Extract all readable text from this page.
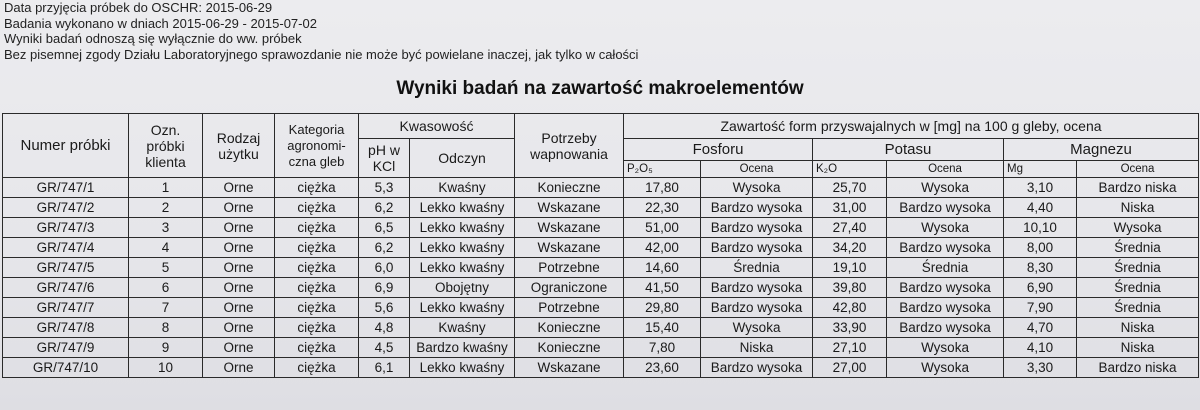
Data przyjęcia próbek do OSCHR: 2015-06-29
Badania wykonano w dniach 2015-06-29 - 2015-07-02
Wyniki badań odnoszą się wyłącznie do ww. próbek
Bez pisemnej zgody Działu Laboratoryjnego sprawozdanie nie może być powielane inaczej, jak tylko w całości
Wyniki badań na zawartość makroelementów
Numer próbki	Ozn. próbki klienta	Rodzaj użytku	Kategoria agronomi-czna gleb	Kwasowość		Potrzeby wapnowania	Zawartość form przyswajalnych w [mg] na 100 g gleby, ocena					
				pH w KCl	Odczyn		Fosforu		Potasu		Magnezu	
							P₂O₅	Ocena	K₂O	Ocena	Mg	Ocena
GR/747/1	1	Orne	ciężka	5,3	Kwaśny	Konieczne	17,80	Wysoka	25,70	Wysoka	3,10	Bardzo niska
GR/747/2	2	Orne	ciężka	6,2	Lekko kwaśny	Wskazane	22,30	Bardzo wysoka	31,00	Bardzo wysoka	4,40	Niska
GR/747/3	3	Orne	ciężka	6,5	Lekko kwaśny	Wskazane	51,00	Bardzo wysoka	27,40	Wysoka	10,10	Wysoka
GR/747/4	4	Orne	ciężka	6,2	Lekko kwaśny	Wskazane	42,00	Bardzo wysoka	34,20	Bardzo wysoka	8,00	Średnia
GR/747/5	5	Orne	ciężka	6,0	Lekko kwaśny	Potrzebne	14,60	Średnia	19,10	Średnia	8,30	Średnia
GR/747/6	6	Orne	ciężka	6,9	Obojętny	Ograniczone	41,50	Bardzo wysoka	39,80	Bardzo wysoka	6,90	Średnia
GR/747/7	7	Orne	ciężka	5,6	Lekko kwaśny	Potrzebne	29,80	Bardzo wysoka	42,80	Bardzo wysoka	7,90	Średnia
GR/747/8	8	Orne	ciężka	4,8	Kwaśny	Konieczne	15,40	Wysoka	33,90	Bardzo wysoka	4,70	Niska
GR/747/9	9	Orne	ciężka	4,5	Bardzo kwaśny	Konieczne	7,80	Niska	27,10	Wysoka	4,10	Niska
GR/747/10	10	Orne	ciężka	6,1	Lekko kwaśny	Wskazane	23,60	Bardzo wysoka	27,00	Wysoka	3,30	Bardzo niska
